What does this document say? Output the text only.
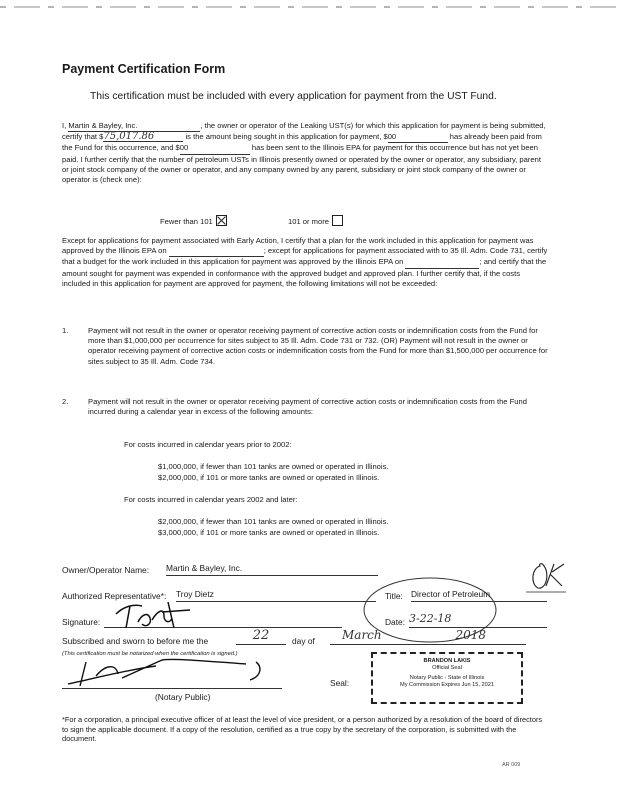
Payment Certification Form
This certification must be included with every application for payment from the UST Fund.

I, Martin & Bayley, Inc.	, the owner or operator of the Leaking UST(s) for which this application for payment is being submitted, certify that $75,017.86	is the amount being sought in this application for payment, $00	has already been paid from the Fund for this occurrence, and $00	has been sent to the Illinois EPA for payment for this occurrence but has not yet been paid. I further certify that the number of petroleum USTs in Illinois presently owned or operated by the owner or operator, any subsidiary, parent or joint stock company of the owner or operator, and any company owned by any parent, subsidiary or joint stock company of the owner or operator is (check one):

Fewer than 101	101 or more

Except for applications for payment associated with Early Action, I certify that a plan for the work included in this application for payment was approved by the Illinois EPA on	; except for applications for payment associated with to 35 Ill. Adm. Code 731, certify that a budget for the work included in this application for payment was approved by the Illinois EPA on	; and certify that the amount sought for payment was expended in conformance with the approved budget and approved plan. I further certify that, if the costs included in this application for payment are approved for payment, the following limitations will not be exceeded:

1.	Payment will not result in the owner or operator receiving payment of corrective action costs or indemnification costs from the Fund for more than $1,000,000 per occurrence for sites subject to 35 Ill. Adm. Code 731 or 732. (OR) Payment will not result in the owner or operator receiving payment of corrective action costs or indemnification costs from the Fund for more than $1,500,000 per occurrence for sites subject to 35 Ill. Adm. Code 734.
2.	Payment will not result in the owner or operator receiving payment of corrective action costs or indemnification costs from the Fund incurred during a calendar year in excess of the following amounts:
For costs incurred in calendar years prior to 2002:
$1,000,000, if fewer than 101 tanks are owned or operated in Illinois.
$2,000,000, if 101 or more tanks are owned or operated in Illinois.
For costs incurred in calendar years 2002 and later:
$2,000,000, if fewer than 101 tanks are owned or operated in Illinois.
$3,000,000, if 101 or more tanks are owned or operated in Illinois.
Owner/Operator Name: Martin & Bayley, Inc.
Authorized Representative*: Troy Dietz	Title: Director of Petroleum
Signature:	Date: 3-22-18
Subscribed and sworn to before me the	22	day of	March	2018
(This certification must be notarized when the certification is signed.)
(Notary Public)
Seal:
BRANDON LAKIS
Official Seal
Notary Public - State of Illinois
My Commission Expires Jun 15, 2021
*For a corporation, a principal executive officer of at least the level of vice president, or a person authorized by a resolution of the board of directors to sign the applicable document. If a copy of the resolution, certified as a true copy by the secretary of the corporation, is submitted with the document.
AR 009
